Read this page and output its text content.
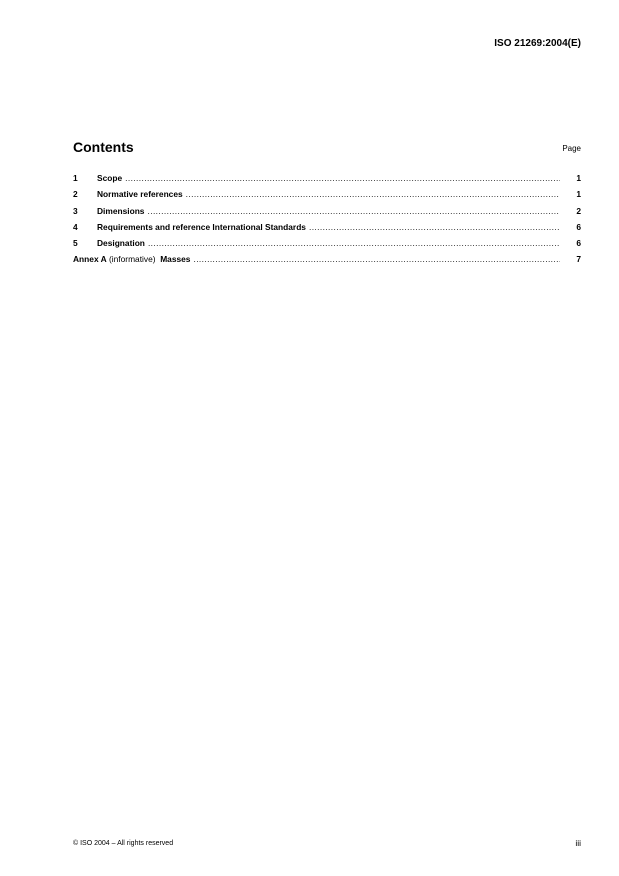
ISO 21269:2004(E)
Contents	Page
1	Scope .....	1
2	Normative references .....	1
3	Dimensions .....	2
4	Requirements and reference International Standards .....	6
5	Designation .....	6
Annex A (informative) Masses .....	7
© ISO 2004 – All rights reserved	iii
